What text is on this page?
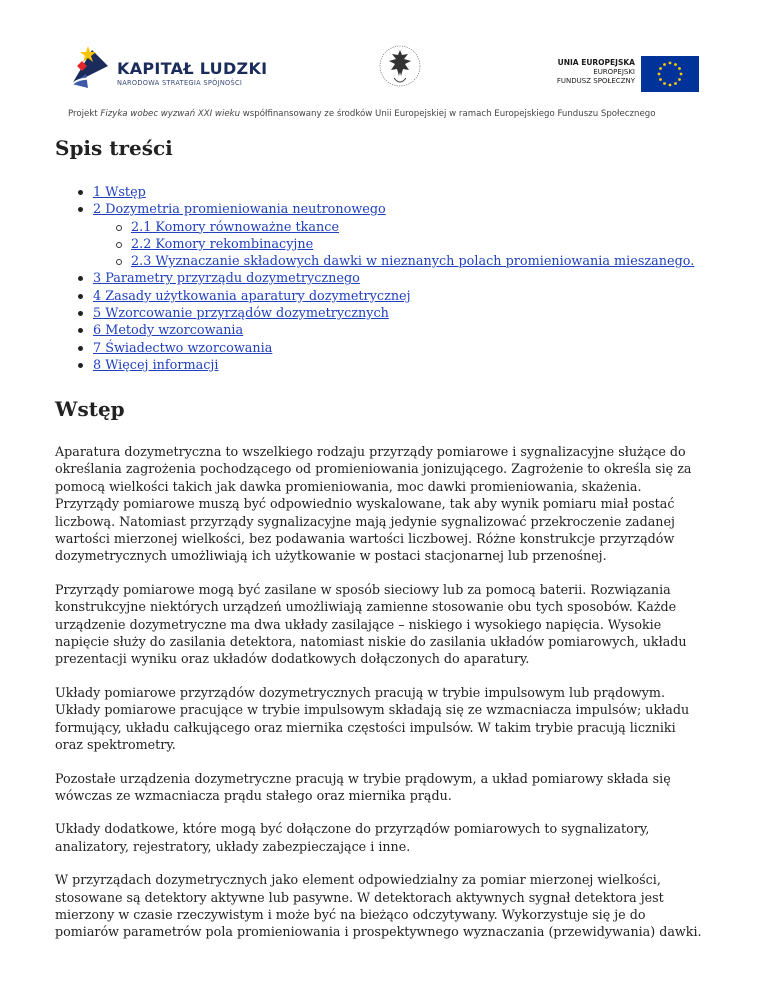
KAPITAŁ LUDZKI
NARODOWA STRATEGIA SPÓJNOŚCI
UNIA EUROPEJSKA
EUROPEJSKI
FUNDUSZ SPOŁECZNY
Projekt Fizyka wobec wyzwań XXI wieku współfinansowany ze środków Unii Europejskiej w ramach Europejskiego Funduszu Społecznego
Spis treści
1 Wstęp
2 Dozymetria promieniowania neutronowego
2.1 Komory równoważne tkance
2.2 Komory rekombinacyjne
2.3 Wyznaczanie składowych dawki w nieznanych polach promieniowania mieszanego.
3 Parametry przyrządu dozymetrycznego
4 Zasady użytkowania aparatury dozymetrycznej
5 Wzorcowanie przyrządów dozymetrycznych
6 Metody wzorcowania
7 Świadectwo wzorcowania
8 Więcej informacji
Wstęp

Aparatura dozymetryczna to wszelkiego rodzaju przyrządy pomiarowe i sygnalizacyjne służące do
określania zagrożenia pochodzącego od promieniowania jonizującego. Zagrożenie to określa się za
pomocą wielkości takich jak dawka promieniowania, moc dawki promieniowania, skażenia.
Przyrządy pomiarowe muszą być odpowiednio wyskalowane, tak aby wynik pomiaru miał postać
liczbową. Natomiast przyrządy sygnalizacyjne mają jedynie sygnalizować przekroczenie zadanej
wartości mierzonej wielkości, bez podawania wartości liczbowej. Różne konstrukcje przyrządów
dozymetrycznych umożliwiają ich użytkowanie w postaci stacjonarnej lub przenośnej.

Przyrządy pomiarowe mogą być zasilane w sposób sieciowy lub za pomocą baterii. Rozwiązania
konstrukcyjne niektórych urządzeń umożliwiają zamienne stosowanie obu tych sposobów. Każde
urządzenie dozymetryczne ma dwa układy zasilające – niskiego i wysokiego napięcia. Wysokie
napięcie służy do zasilania detektora, natomiast niskie do zasilania układów pomiarowych, układu
prezentacji wyniku oraz układów dodatkowych dołączonych do aparatury.

Układy pomiarowe przyrządów dozymetrycznych pracują w trybie impulsowym lub prądowym.
Układy pomiarowe pracujące w trybie impulsowym składają się ze wzmacniacza impulsów; układu
formujący, układu całkującego oraz miernika częstości impulsów. W takim trybie pracują liczniki
oraz spektrometry.

Pozostałe urządzenia dozymetryczne pracują w trybie prądowym, a układ pomiarowy składa się
wówczas ze wzmacniacza prądu stałego oraz miernika prądu.

Układy dodatkowe, które mogą być dołączone do przyrządów pomiarowych to sygnalizatory,
analizatory, rejestratory, układy zabezpieczające i inne.

W przyrządach dozymetrycznych jako element odpowiedzialny za pomiar mierzonej wielkości,
stosowane są detektory aktywne lub pasywne. W detektorach aktywnych sygnał detektora jest
mierzony w czasie rzeczywistym i może być na bieżąco odczytywany. Wykorzystuje się je do
pomiarów parametrów pola promieniowania i prospektywnego wyznaczania (przewidywania) dawki.
